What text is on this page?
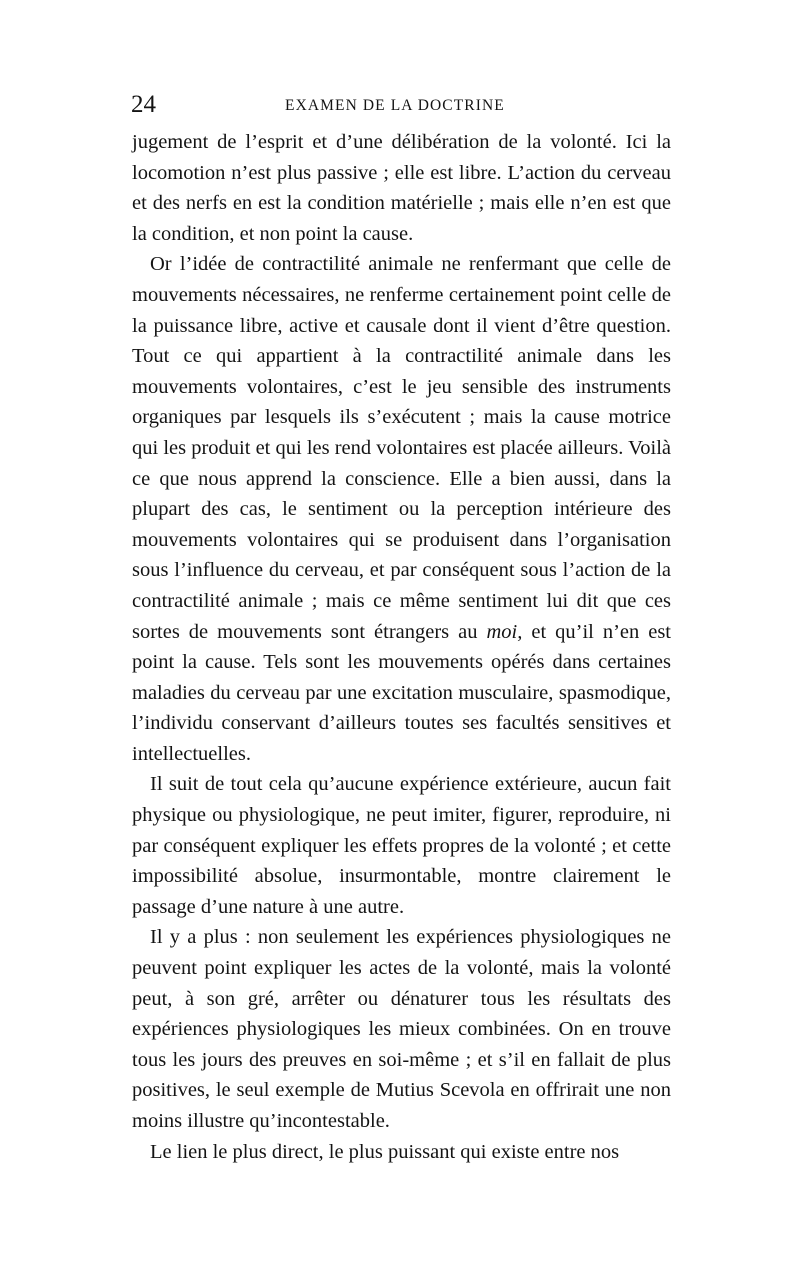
24	EXAMEN DE LA DOCTRINE

jugement de l’esprit et d’une délibération de la volonté. Ici la locomotion n’est plus passive ; elle est libre. L’action du cerveau et des nerfs en est la condition matérielle ; mais elle n’en est que la condition, et non point la cause.

Or l’idée de contractilité animale ne renfermant que celle de mouvements nécessaires, ne renferme certainement point celle de la puissance libre, active et causale dont il vient d’être question. Tout ce qui appartient à la contractilité animale dans les mouvements volontaires, c’est le jeu sensible des instruments organiques par lesquels ils s’exécutent ; mais la cause motrice qui les produit et qui les rend volontaires est placée ailleurs. Voilà ce que nous apprend la conscience. Elle a bien aussi, dans la plupart des cas, le sentiment ou la perception intérieure des mouvements volontaires qui se produisent dans l’organisation sous l’influence du cerveau, et par conséquent sous l’action de la contractilité animale ; mais ce même sentiment lui dit que ces sortes de mouvements sont étrangers au moi, et qu’il n’en est point la cause. Tels sont les mouvements opérés dans certaines maladies du cerveau par une excitation musculaire, spasmodique, l’individu conservant d’ailleurs toutes ses facultés sensitives et intellectuelles.

Il suit de tout cela qu’aucune expérience extérieure, aucun fait physique ou physiologique, ne peut imiter, figurer, reproduire, ni par conséquent expliquer les effets propres de la volonté ; et cette impossibilité absolue, insurmontable, montre clairement le passage d’une nature à une autre.

Il y a plus : non seulement les expériences physiologiques ne peuvent point expliquer les actes de la volonté, mais la volonté peut, à son gré, arrêter ou dénaturer tous les résultats des expériences physiologiques les mieux combinées. On en trouve tous les jours des preuves en soi-même ; et s’il en fallait de plus positives, le seul exemple de Mutius Scevola en offrirait une non moins illustre qu’incontestable.

Le lien le plus direct, le plus puissant qui existe entre nos
